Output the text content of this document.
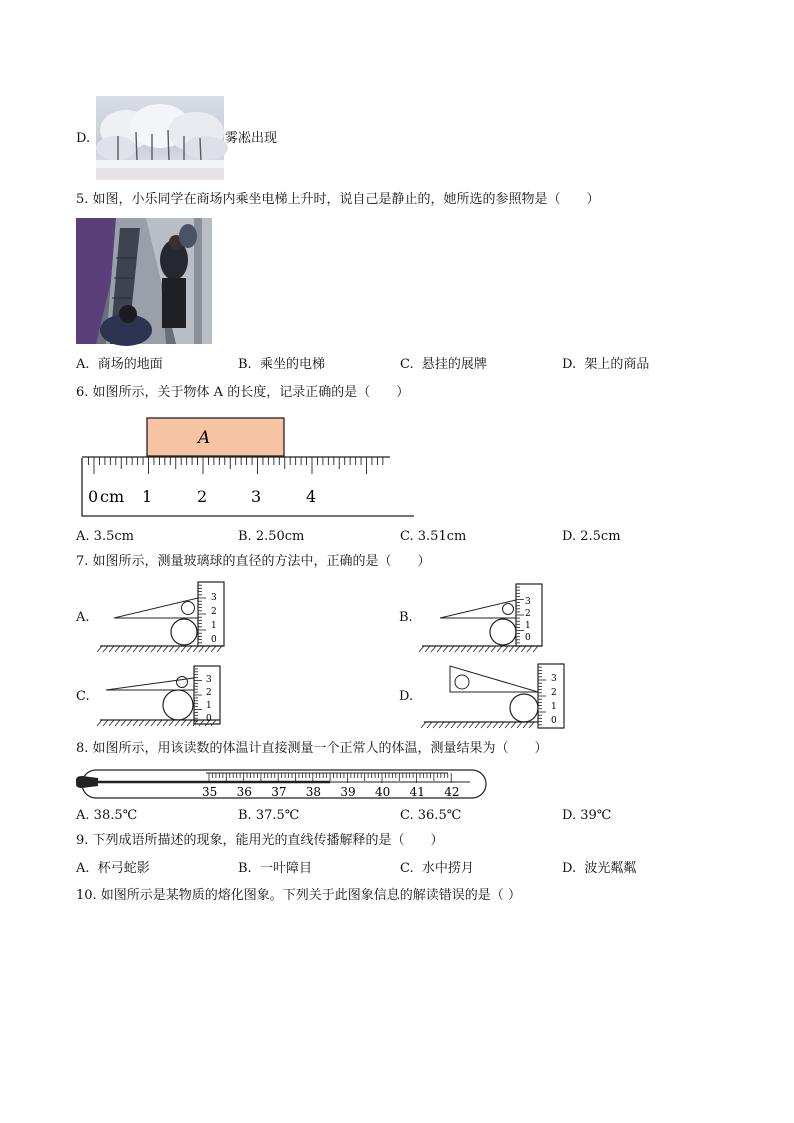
D.	雾凇出现
5. 如图，小乐同学在商场内乘坐电梯上升时，说自己是静止的，她所选的参照物是（　　）
A. 商场的地面	B. 乘坐的电梯	C. 悬挂的展牌	D. 架上的商品
6. 如图所示，关于物体 A 的长度，记录正确的是（　　）
A
0 cm 1	2	3	4
A. 3.5cm	B. 2.50cm	C. 3.51cm	D. 2.5cm
7. 如图所示，测量玻璃球的直径的方法中，正确的是（　　）
A.
3
2
1
0
B.
3
2
1
0
C.
3
2
1
0
D.
3
2
1
0
8. 如图所示，用该读数的体温计直接测量一个正常人的体温，测量结果为（　　）
35 36 37 38 39 40 41 42
A. 38.5℃	B. 37.5℃	C. 36.5℃	D. 39℃
9. 下列成语所描述的现象，能用光的直线传播解释的是（　　）
A. 杯弓蛇影	B. 一叶障目	C. 水中捞月	D. 波光粼粼
10. 如图所示是某物质的熔化图象。下列关于此图象信息的解读错误的是（ ）
